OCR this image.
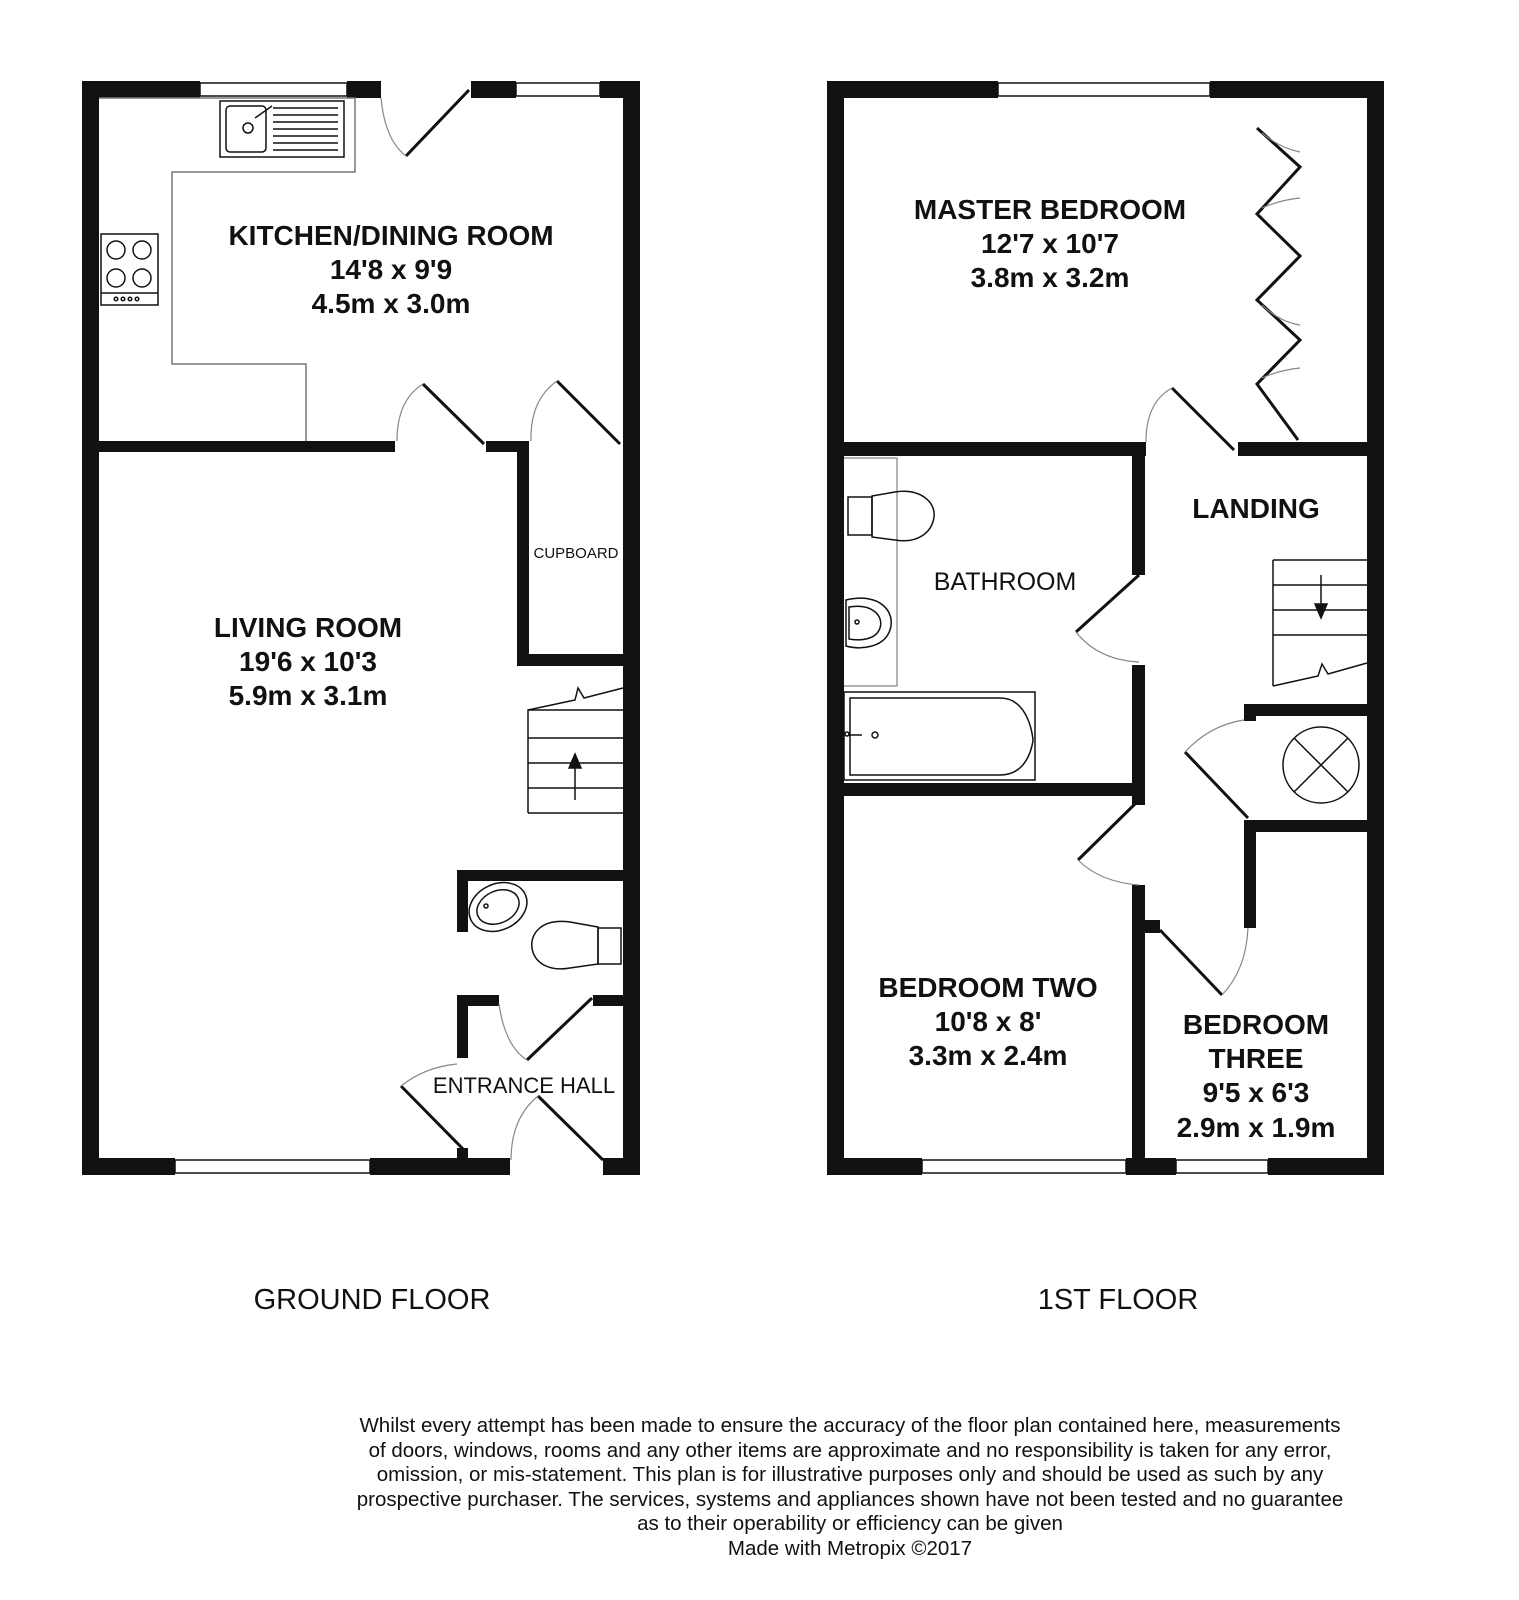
KITCHEN/DINING ROOM
14'8 x 9'9
4.5m x 3.0m
LIVING ROOM
19'6 x 10'3
5.9m x 3.1m
CUPBOARD
ENTRANCE HALL
MASTER BEDROOM
12'7 x 10'7
3.8m x 3.2m
LANDING
BATHROOM
BEDROOM TWO
10'8 x 8'
3.3m x 2.4m
BEDROOM
THREE
9'5 x 6'3
2.9m x 1.9m
GROUND FLOOR	1ST FLOOR

Whilst every attempt has been made to ensure the accuracy of the floor plan contained here, measurements

of doors, windows, rooms and any other items are approximate and no responsibility is taken for any error,

omission, or mis-statement. This plan is for illustrative purposes only and should be used as such by any

prospective purchaser. The services, systems and appliances shown have not been tested and no guarantee

as to their operability or efficiency can be given

Made with Metropix ©2017
